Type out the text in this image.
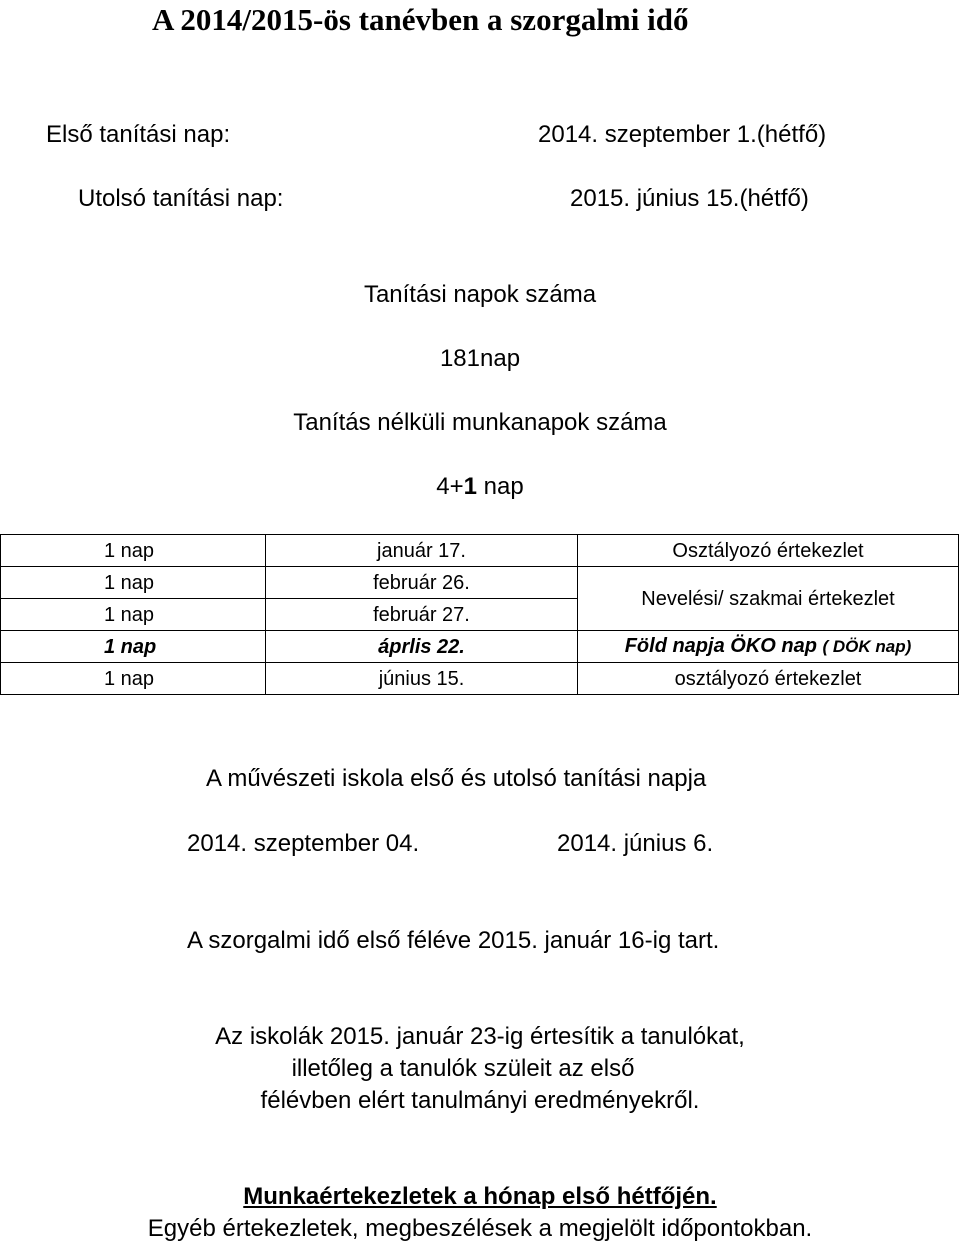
A 2014/2015-ös tanévben a szorgalmi idő
Első tanítási nap:	2014. szeptember 1.(hétfő)
Utolsó tanítási nap:	2015. június 15.(hétfő)
Tanítási napok száma
181nap
Tanítás nélküli munkanapok száma
4+1 nap
1 nap	január 17.	Osztályozó értekezlet
1 nap	február 26.	Nevelési/ szakmai értekezlet
1 nap	február 27.	
1 nap	áprlis 22.	Föld napja ÖKO nap ( DÖK nap)
1 nap	június 15.	osztályozó értekezlet
A művészeti iskola első és utolsó tanítási napja
2014. szeptember 04.	2014. június 6.
A szorgalmi idő első féléve 2015. január 16-ig tart.
Az iskolák 2015. január 23-ig értesítik a tanulókat,
illetőleg a tanulók szüleit az első
félévben elért tanulmányi eredményekről.
Munkaértekezletek a hónap első hétfőjén.
Egyéb értekezletek, megbeszélések a megjelölt időpontokban.
